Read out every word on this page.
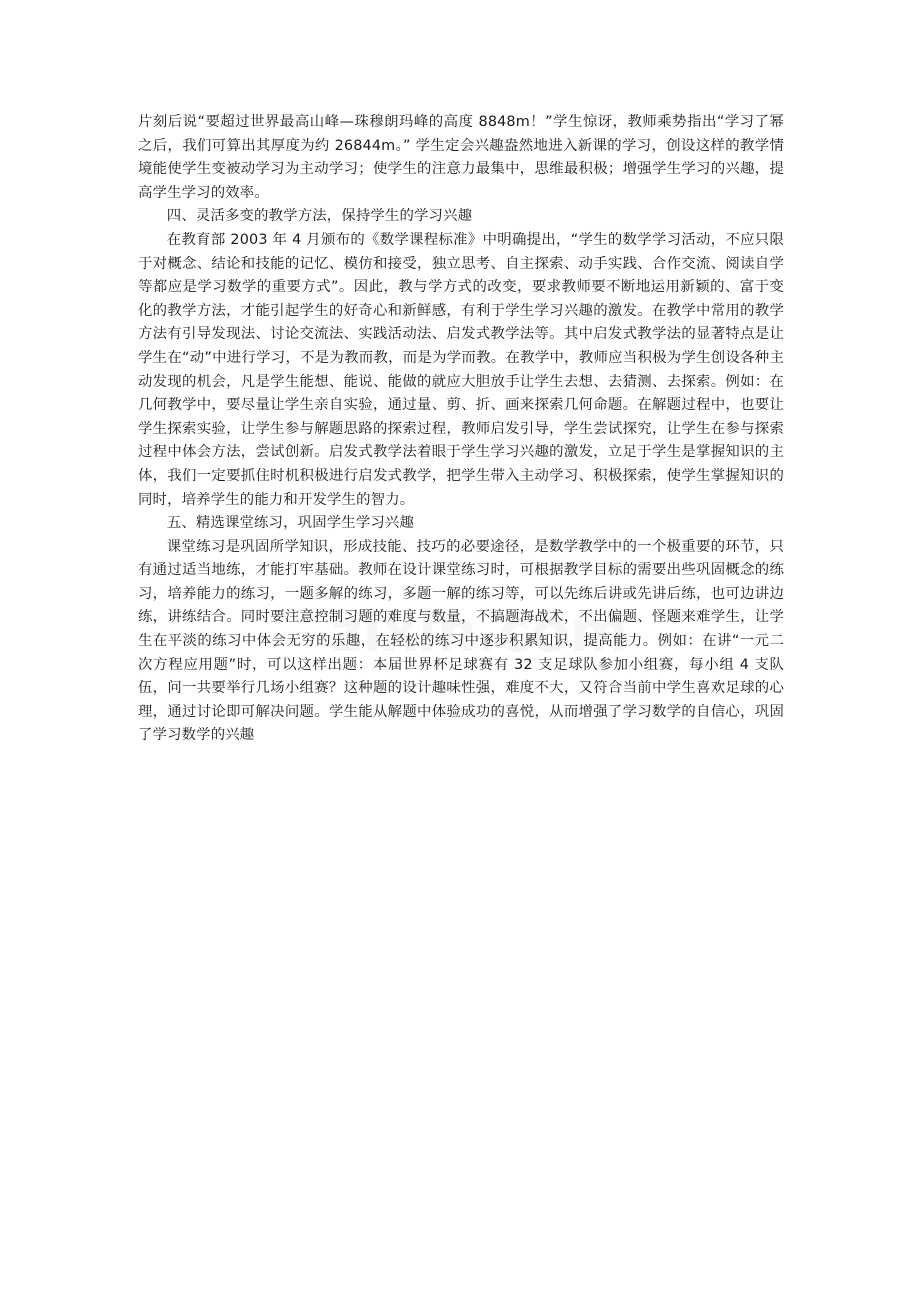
片刻后说“要超过世界最高山峰—珠穆朗玛峰的高度 8848m！”学生惊讶，教师乘势指出“学习了幂之后，我们可算出其厚度为约 26844m。” 学生定会兴趣盎然地进入新课的学习，创设这样的教学情境能使学生变被动学习为主动学习；使学生的注意力最集中，思维最积极；增强学生学习的兴趣，提高学生学习的效率。

四、灵活多变的教学方法，保持学生的学习兴趣

在教育部 2003 年 4 月颁布的《数学课程标准》中明确提出，“学生的数学学习活动，不应只限于对概念、结论和技能的记忆、模仿和接受，独立思考、自主探索、动手实践、合作交流、阅读自学等都应是学习数学的重要方式”。因此，教与学方式的改变，要求教师要不断地运用新颖的、富于变化的教学方法，才能引起学生的好奇心和新鲜感，有利于学生学习兴趣的激发。在教学中常用的教学方法有引导发现法、讨论交流法、实践活动法、启发式教学法等。其中启发式教学法的显著特点是让学生在“动”中进行学习，不是为教而教，而是为学而教。在教学中，教师应当积极为学生创设各种主动发现的机会，凡是学生能想、能说、能做的就应大胆放手让学生去想、去猜测、去探索。例如：在几何教学中，要尽量让学生亲自实验，通过量、剪、折、画来探索几何命题。在解题过程中，也要让学生探索实验，让学生参与解题思路的探索过程，教师启发引导，学生尝试探究，让学生在参与探索过程中体会方法，尝试创新。启发式教学法着眼于学生学习兴趣的激发，立足于学生是掌握知识的主体，我们一定要抓住时机积极进行启发式教学，把学生带入主动学习、积极探索，使学生掌握知识的同时，培养学生的能力和开发学生的智力。

五、精选课堂练习，巩固学生学习兴趣

课堂练习是巩固所学知识，形成技能、技巧的必要途径，是数学教学中的一个极重要的环节，只有通过适当地练，才能打牢基础。教师在设计课堂练习时，可根据教学目标的需要出些巩固概念的练习，培养能力的练习，一题多解的练习，多题一解的练习等，可以先练后讲或先讲后练，也可边讲边练，讲练结合。同时要注意控制习题的难度与数量，不搞题海战术，不出偏题、怪题来难学生，让学生在平淡的练习中体会无穷的乐趣，在轻松的练习中逐步积累知识，提高能力。例如：在讲“一元二次方程应用题”时，可以这样出题：本届世界杯足球赛有 32 支足球队参加小组赛，每小组 4 支队伍，问一共要举行几场小组赛？这种题的设计趣味性强，难度不大，又符合当前中学生喜欢足球的心理，通过讨论即可解决问题。学生能从解题中体验成功的喜悦，从而增强了学习数学的自信心，巩固了学习数学的兴趣
